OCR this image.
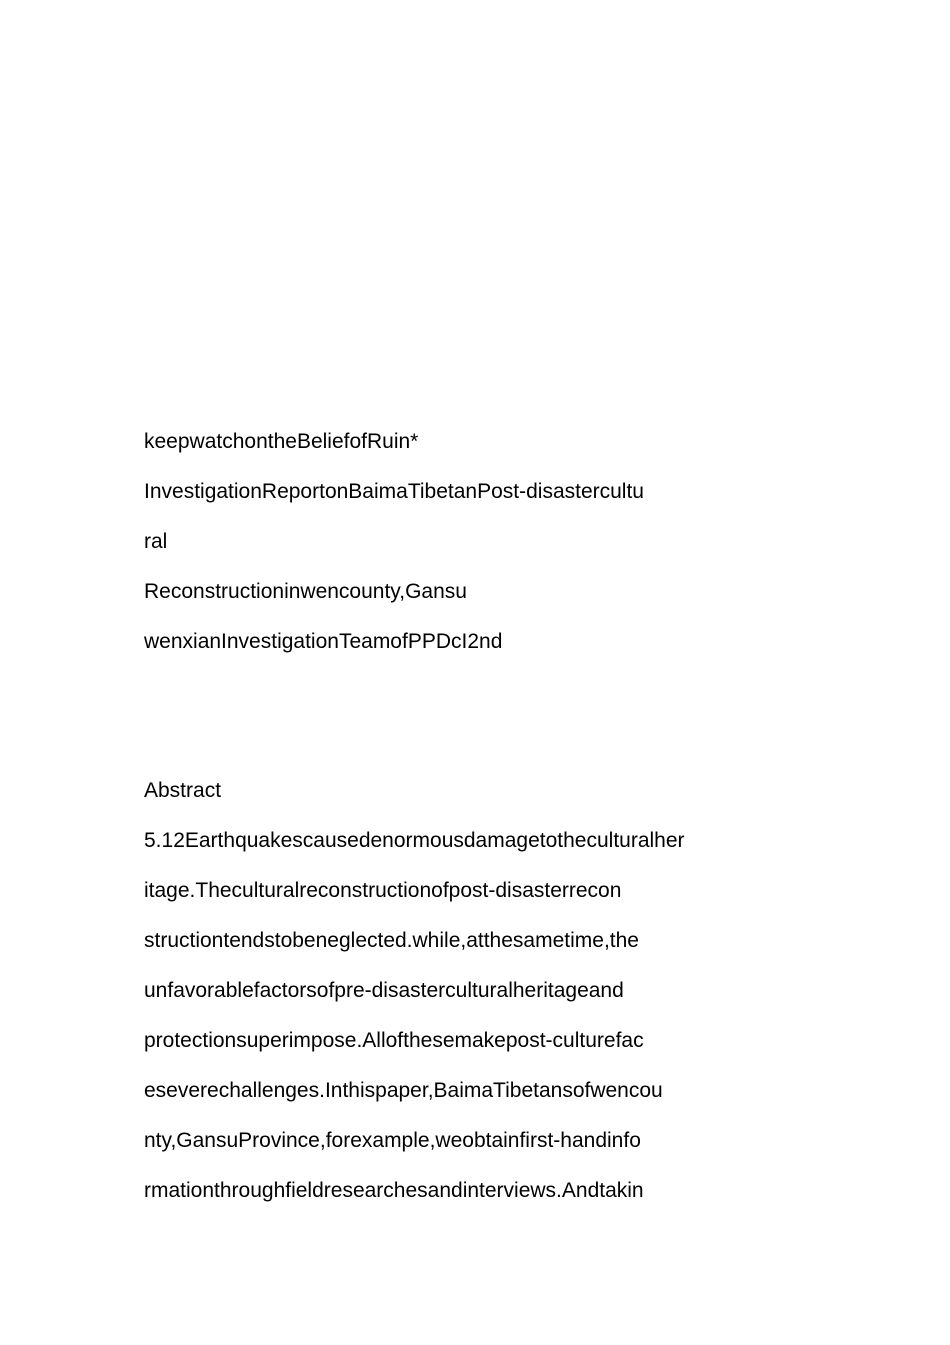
keepwatchontheBeliefofRuin*
InvestigationReportonBaimaTibetanPost-disastercultu
ral
Reconstructioninwencounty,Gansu
wenxianInvestigationTeamofPPDcI2nd
Abstract
5.12Earthquakescausedenormousdamagetotheculturalher
itage.Theculturalreconstructionofpost-disasterrecon
structiontendstobeneglected.while,atthesametime,the
unfavorablefactorsofpre-disasterculturalheritageand
protectionsuperimpose.Allofthesemakepost-culturefac
eseverechallenges.Inthispaper,BaimaTibetansofwencou
nty,GansuProvince,forexample,weobtainfirst-handinfo
rmationthroughfieldresearchesandinterviews.Andtakin
